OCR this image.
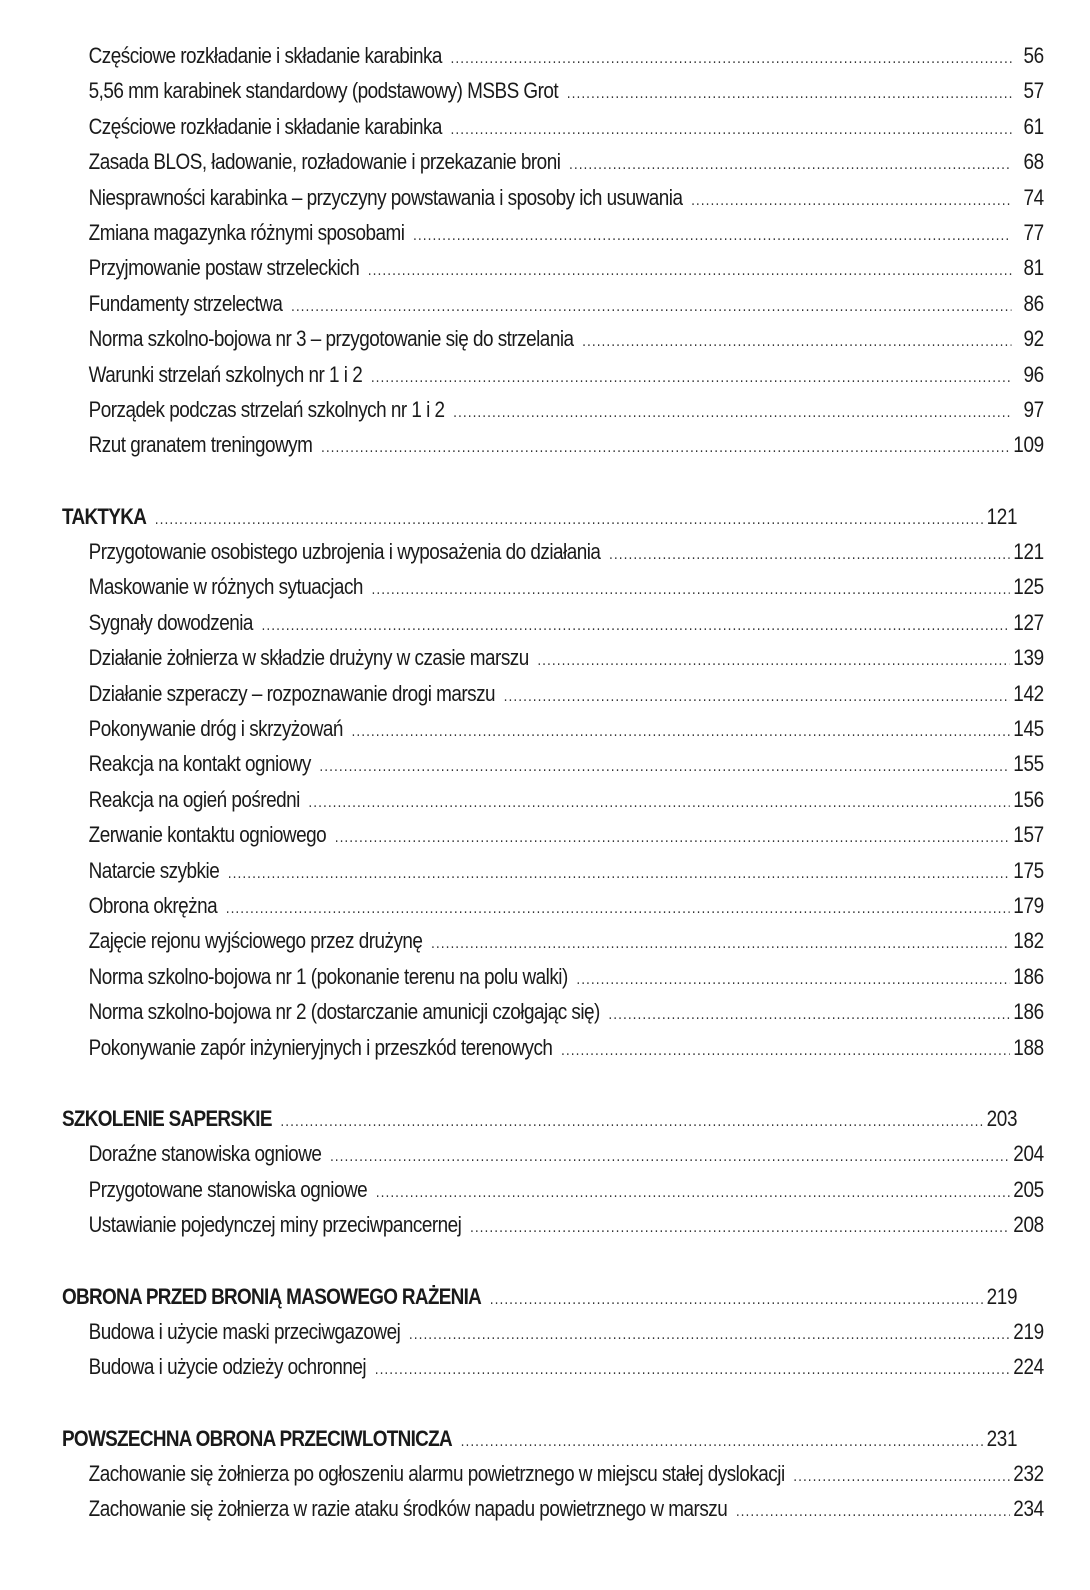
Częściowe rozkładanie i składanie karabinka .....	56
5,56 mm karabinek standardowy (podstawowy) MSBS Grot .....	57
Częściowe rozkładanie i składanie karabinka .....	61
Zasada BLOS, ładowanie, rozładowanie i przekazanie broni .....	68
Niesprawności karabinka – przyczyny powstawania i sposoby ich usuwania .....	74
Zmiana magazynka różnymi sposobami .....	77
Przyjmowanie postaw strzeleckich .....	81
Fundamenty strzelectwa .....	86
Norma szkolno-bojowa nr 3 – przygotowanie się do strzelania .....	92
Warunki strzelań szkolnych nr 1 i 2 .....	96
Porządek podczas strzelań szkolnych nr 1 i 2 .....	97
Rzut granatem treningowym .....	109
TAKTYKA .....	121
Przygotowanie osobistego uzbrojenia i wyposażenia do działania .....	121
Maskowanie w różnych sytuacjach .....	125
Sygnały dowodzenia .....	127
Działanie żołnierza w składzie drużyny w czasie marszu .....	139
Działanie szperaczy – rozpoznawanie drogi marszu .....	142
Pokonywanie dróg i skrzyżowań .....	145
Reakcja na kontakt ogniowy .....	155
Reakcja na ogień pośredni .....	156
Zerwanie kontaktu ogniowego .....	157
Natarcie szybkie .....	175
Obrona okrężna .....	179
Zajęcie rejonu wyjściowego przez drużynę .....	182
Norma szkolno-bojowa nr 1 (pokonanie terenu na polu walki) .....	186
Norma szkolno-bojowa nr 2 (dostarczanie amunicji czołgając się) .....	186
Pokonywanie zapór inżynieryjnych i przeszkód terenowych .....	188
SZKOLENIE SAPERSKIE .....	203
Doraźne stanowiska ogniowe .....	204
Przygotowane stanowiska ogniowe .....	205
Ustawianie pojedynczej miny przeciwpancernej .....	208
OBRONA PRZED BRONIĄ MASOWEGO RAŻENIA .....	219
Budowa i użycie maski przeciwgazowej .....	219
Budowa i użycie odzieży ochronnej .....	224
POWSZECHNA OBRONA PRZECIWLOTNICZA .....	231
Zachowanie się żołnierza po ogłoszeniu alarmu powietrznego w miejscu stałej dyslokacji .....	232
Zachowanie się żołnierza w razie ataku środków napadu powietrznego w marszu .....	234
